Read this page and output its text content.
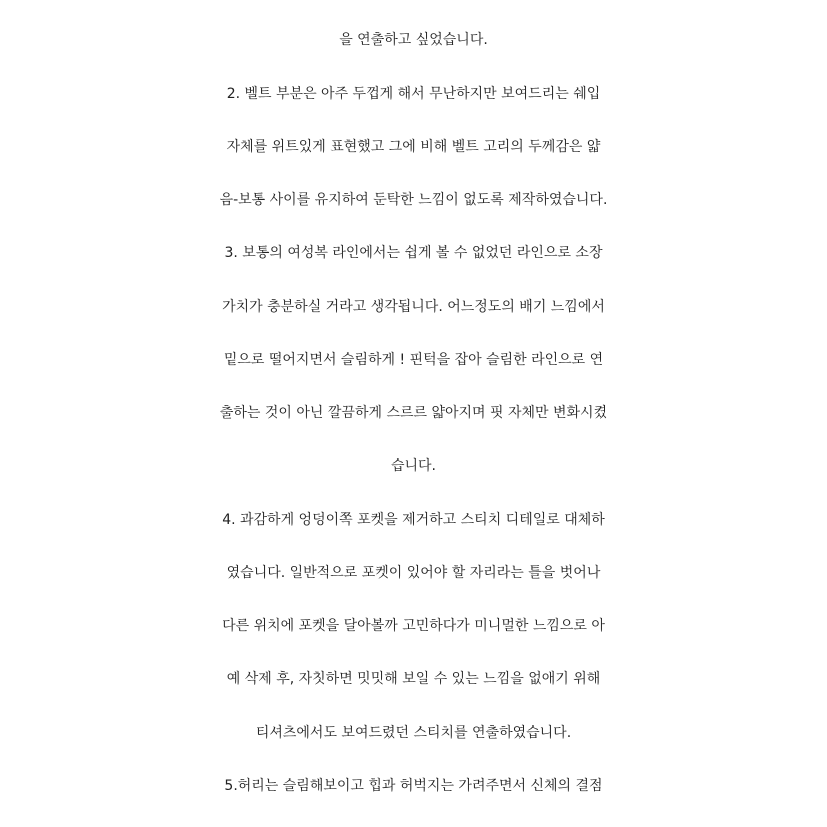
을 연출하고 싶었습니다.
2. 벨트 부분은 아주 두껍게 해서 무난하지만 보여드리는 쉐입
자체를 위트있게 표현했고 그에 비해 벨트 고리의 두께감은 얇
음-보통 사이를 유지하여 둔탁한 느낌이 없도록 제작하였습니다.
3. 보통의 여성복 라인에서는 쉽게 볼 수 없었던 라인으로 소장
가치가 충분하실 거라고 생각됩니다. 어느정도의 배기 느낌에서
밑으로 떨어지면서 슬림하게 ! 핀턱을 잡아 슬림한 라인으로 연
출하는 것이 아닌 깔끔하게 스르르 얇아지며 핏 자체만 변화시켰
습니다.
4. 과감하게 엉덩이쪽 포켓을 제거하고 스티치 디테일로 대체하
였습니다. 일반적으로 포켓이 있어야 할 자리라는 틀을 벗어나
다른 위치에 포켓을 달아볼까 고민하다가 미니멀한 느낌으로 아
예 삭제 후, 자칫하면 밋밋해 보일 수 있는 느낌을 없애기 위해
티셔츠에서도 보여드렸던 스티치를 연출하였습니다.
5.허리는 슬림해보이고 힙과 허벅지는 가려주면서 신체의 결점
